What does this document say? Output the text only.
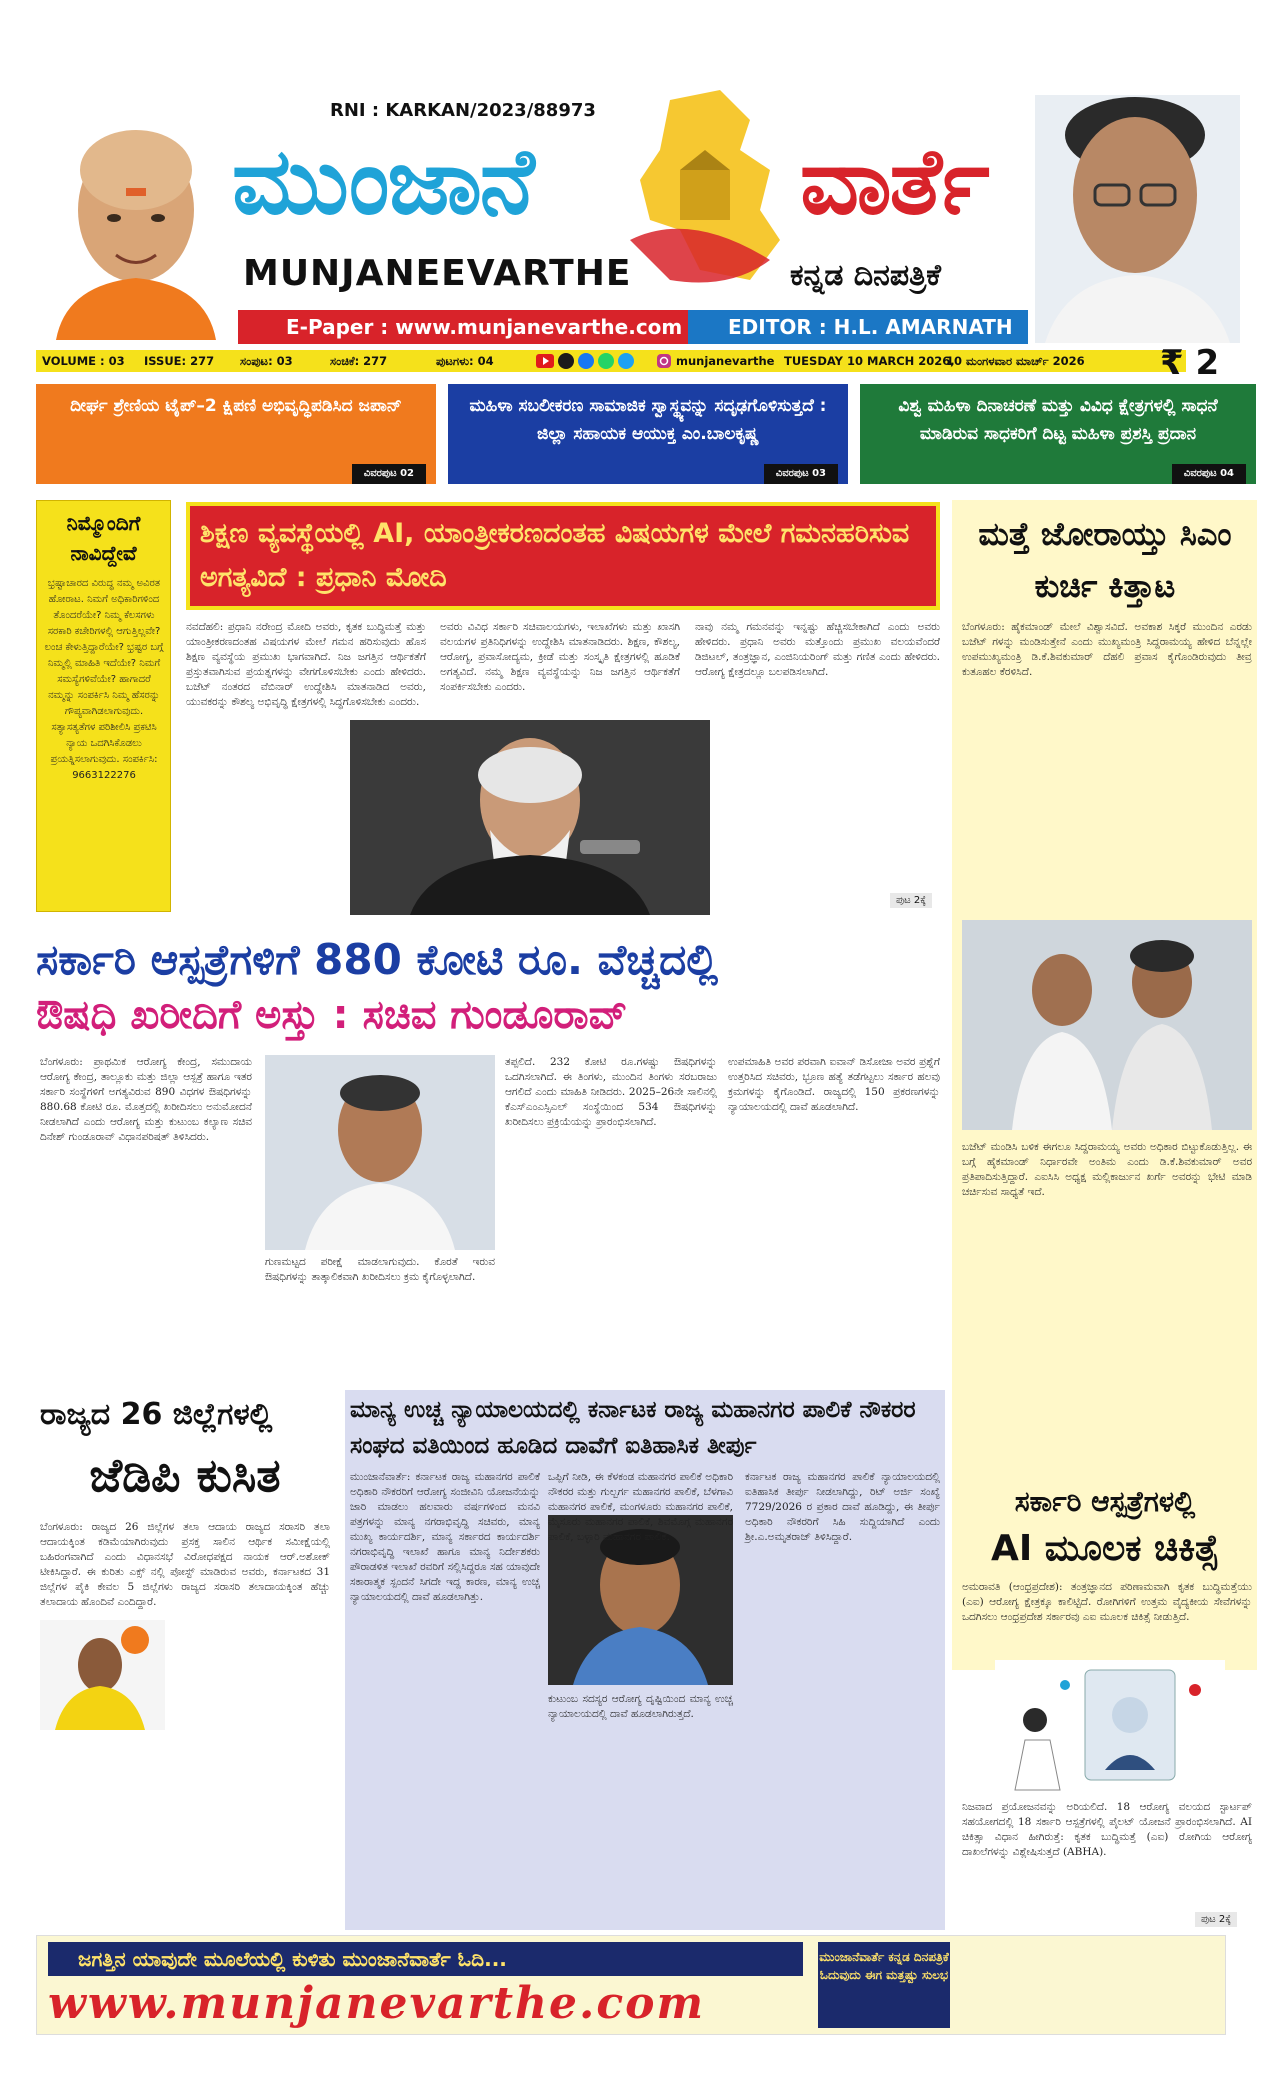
RNI : KARKAN/2023/88973
ಮುಂಜಾನೆ	ವಾರ್ತೆ
MUNJANEEVARTHE	ಕನ್ನಡ ದಿನಪತ್ರಿಕೆ
E-Paper : www.munjanevarthe.com	EDITOR : H.L. AMARNATH
VOLUME : 03 ISSUE: 277 ಸಂಪುಟ: 03	ಸಂಚಿಕೆ: 277	ಪುಟಗಳು: 04	munjanevarthe TUESDAY 10 MARCH 2026,
10 ಮಂಗಳವಾರ ಮಾರ್ಚ್ 2026 ₹ 2
ದೀರ್ಘ ಶ್ರೇಣಿಯ ಟೈಪ್–2 ಕ್ಷಿಪಣಿ ಅಭಿವೃದ್ಧಿಪಡಿಸಿದ ಜಪಾನ್
ವಿವರಪುಟ 02
ಮಹಿಳಾ ಸಬಲೀಕರಣ ಸಾಮಾಜಿಕ ಸ್ವಾಸ್ಥ್ಯವನ್ನು ಸದೃಢಗೊಳಿಸುತ್ತದೆ : ಜಿಲ್ಲಾ ಸಹಾಯಕ ಆಯುಕ್ತ ಎಂ.ಬಾಲಕೃಷ್ಣ
ವಿವರಪುಟ 03
ವಿಶ್ವ ಮಹಿಳಾ ದಿನಾಚರಣೆ ಮತ್ತು ವಿವಿಧ ಕ್ಷೇತ್ರಗಳಲ್ಲಿ ಸಾಧನೆ ಮಾಡಿರುವ ಸಾಧಕರಿಗೆ ದಿಟ್ಟ ಮಹಿಳಾ ಪ್ರಶಸ್ತಿ ಪ್ರದಾನ
ವಿವರಪುಟ 04
ನಿಮ್ಮೊಂದಿಗೆ ನಾವಿದ್ದೇವೆ
ಭ್ರಷ್ಟಾಚಾರದ ವಿರುದ್ಧ ನಮ್ಮ ಅವಿರತ ಹೋರಾಟ. ನಿಮಗೆ ಅಧಿಕಾರಿಗಳಿಂದ ತೊಂದರೆಯೇ? ನಿಮ್ಮ ಕೆಲಸಗಳು ಸರಕಾರಿ ಕಚೇರಿಗಳಲ್ಲಿ ಆಗುತ್ತಿಲ್ಲವೇ? ಲಂಚ ಕೇಳುತ್ತಿದ್ದಾರೆಯೇ? ಭ್ರಷ್ಟರ ಬಗ್ಗೆ ನಿಮ್ಮಲ್ಲಿ ಮಾಹಿತಿ ಇದೆಯೇ? ನಿಮಗೆ ಸಮಸ್ಯೆಗಳಿವೆಯೇ? ಹಾಗಾದರೆ ನಮ್ಮನ್ನು ಸಂಪರ್ಕಿಸಿ ನಿಮ್ಮ ಹೆಸರನ್ನು ಗೌಪ್ಯವಾಗಿಡಲಾಗುವುದು. ಸತ್ಯಾಸತ್ಯತೆಗಳ ಪರಿಶೀಲಿಸಿ ಪ್ರಕಟಿಸಿ ನ್ಯಾಯ ಒದಗಿಸಿಕೊಡಲು ಪ್ರಯತ್ನಿಸಲಾಗುವುದು. ಸಂಪರ್ಕಿಸಿ: 9663122276
ಶಿಕ್ಷಣ ವ್ಯವಸ್ಥೆಯಲ್ಲಿ AI, ಯಾಂತ್ರೀಕರಣದಂತಹ ವಿಷಯಗಳ ಮೇಲೆ ಗಮನಹರಿಸುವ ಅಗತ್ಯವಿದೆ : ಪ್ರಧಾನಿ ಮೋದಿ
ನವದೆಹಲಿ: ಪ್ರಧಾನಿ ನರೇಂದ್ರ ಮೋದಿ ಅವರು, ಕೃತಕ ಬುದ್ಧಿಮತ್ತೆ ಮತ್ತು ಯಾಂತ್ರೀಕರಣದಂತಹ ವಿಷಯಗಳ ಮೇಲೆ ಗಮನ ಹರಿಸುವುದು ಹೊಸ ಶಿಕ್ಷಣ ವ್ಯವಸ್ಥೆಯ ಪ್ರಮುಖ ಭಾಗವಾಗಿದೆ. ನಿಜ ಜಗತ್ತಿನ ಆರ್ಥಿಕತೆಗೆ ಪ್ರಸ್ತುತವಾಗಿಸುವ ಪ್ರಯತ್ನಗಳನ್ನು ವೇಗಗೊಳಿಸಬೇಕು ಎಂದು ಹೇಳಿದರು. ಬಜೆಟ್ ನಂತರದ ವೆಬಿನಾರ್ ಉದ್ದೇಶಿಸಿ ಮಾತನಾಡಿದ ಅವರು, ಯುವಕರನ್ನು ಕೌಶಲ್ಯ ಅಭಿವೃದ್ಧಿ ಕ್ಷೇತ್ರಗಳಲ್ಲಿ ಸಿದ್ಧಗೊಳಿಸಬೇಕು ಎಂದರು.
ಅವರು ವಿವಿಧ ಸರ್ಕಾರಿ ಸಚಿವಾಲಯಗಳು, ಇಲಾಖೆಗಳು ಮತ್ತು ಖಾಸಗಿ ವಲಯಗಳ ಪ್ರತಿನಿಧಿಗಳನ್ನು ಉದ್ದೇಶಿಸಿ ಮಾತನಾಡಿದರು. ಶಿಕ್ಷಣ, ಕೌಶಲ್ಯ, ಆರೋಗ್ಯ, ಪ್ರವಾಸೋದ್ಯಮ, ಕ್ರೀಡೆ ಮತ್ತು ಸಂಸ್ಕೃತಿ ಕ್ಷೇತ್ರಗಳಲ್ಲಿ ಹೂಡಿಕೆ ಅಗತ್ಯವಿದೆ. ನಮ್ಮ ಶಿಕ್ಷಣ ವ್ಯವಸ್ಥೆಯನ್ನು ನಿಜ ಜಗತ್ತಿನ ಆರ್ಥಿಕತೆಗೆ ಸಂಪರ್ಕಿಸಬೇಕು ಎಂದರು.
ನಾವು ನಮ್ಮ ಗಮನವನ್ನು ಇನ್ನಷ್ಟು ಹೆಚ್ಚಿಸಬೇಕಾಗಿದೆ ಎಂದು ಅವರು ಹೇಳಿದರು. ಪ್ರಧಾನಿ ಅವರು ಮತ್ತೊಂದು ಪ್ರಮುಖ ವಲಯವೆಂದರೆ ಡಿಜಿಟಲ್, ತಂತ್ರಜ್ಞಾನ, ಎಂಜಿನಿಯರಿಂಗ್ ಮತ್ತು ಗಣಿತ ಎಂದು ಹೇಳಿದರು. ಆರೋಗ್ಯ ಕ್ಷೇತ್ರದಲ್ಲೂ ಬಲಪಡಿಸಲಾಗಿದೆ.
ಪುಟ 2ಕ್ಕೆ
ಮತ್ತೆ ಜೋರಾಯ್ತು ಸಿಎಂ ಕುರ್ಚಿ ಕಿತ್ತಾಟ
ಬೆಂಗಳೂರು: ಹೈಕಮಾಂಡ್ ಮೇಲೆ ವಿಶ್ವಾಸವಿದೆ. ಅವಕಾಶ ಸಿಕ್ಕರೆ ಮುಂದಿನ ಎರಡು ಬಜೆಟ್ ಗಳನ್ನು ಮಂಡಿಸುತ್ತೇನೆ ಎಂದು ಮುಖ್ಯಮಂತ್ರಿ ಸಿದ್ದರಾಮಯ್ಯ ಹೇಳಿದ ಬೆನ್ನಲ್ಲೇ ಉಪಮುಖ್ಯಮಂತ್ರಿ ಡಿ.ಕೆ.ಶಿವಕುಮಾರ್ ದೆಹಲಿ ಪ್ರವಾಸ ಕೈಗೊಂಡಿರುವುದು ತೀವ್ರ ಕುತೂಹಲ ಕೆರಳಿಸಿದೆ.
ಬಜೆಟ್ ಮಂಡಿಸಿ ಬಳಿಕ ಈಗಲೂ ಸಿದ್ದರಾಮಯ್ಯ ಅವರು ಅಧಿಕಾರ ಬಿಟ್ಟುಕೊಡುತ್ತಿಲ್ಲ. ಈ ಬಗ್ಗೆ ಹೈಕಮಾಂಡ್ ನಿರ್ಧಾರವೇ ಅಂತಿಮ ಎಂದು ಡಿ.ಕೆ.ಶಿವಕುಮಾರ್ ಅವರ ಪ್ರತಿಪಾದಿಸುತ್ತಿದ್ದಾರೆ. ಎಐಸಿಸಿ ಅಧ್ಯಕ್ಷ ಮಲ್ಲಿಕಾರ್ಜುನ ಖರ್ಗೆ ಅವರನ್ನು ಭೇಟಿ ಮಾಡಿ ಚರ್ಚಿಸುವ ಸಾಧ್ಯತೆ ಇದೆ.
ಸರ್ಕಾರಿ ಆಸ್ಪತ್ರೆಗಳಿಗೆ 880 ಕೋಟಿ ರೂ. ವೆಚ್ಚದಲ್ಲಿ
ಔಷಧಿ ಖರೀದಿಗೆ ಅಸ್ತು : ಸಚಿವ ಗುಂಡೂರಾವ್
ಬೆಂಗಳೂರು: ಪ್ರಾಥಮಿಕ ಆರೋಗ್ಯ ಕೇಂದ್ರ, ಸಮುದಾಯ ಆರೋಗ್ಯ ಕೇಂದ್ರ, ತಾಲ್ಲೂಕು ಮತ್ತು ಜಿಲ್ಲಾ ಆಸ್ಪತ್ರೆ ಹಾಗೂ ಇತರ ಸರ್ಕಾರಿ ಸಂಸ್ಥೆಗಳಿಗೆ ಅಗತ್ಯವಿರುವ 890 ವಿಧಗಳ ಔಷಧಿಗಳನ್ನು 880.68 ಕೋಟಿ ರೂ. ಮೊತ್ತದಲ್ಲಿ ಖರೀದಿಸಲು ಅನುಮೋದನೆ ನೀಡಲಾಗಿದೆ ಎಂದು ಆರೋಗ್ಯ ಮತ್ತು ಕುಟುಂಬ ಕಲ್ಯಾಣ ಸಚಿವ ದಿನೇಶ್ ಗುಂಡೂರಾವ್ ವಿಧಾನಪರಿಷತ್ ತಿಳಿಸಿದರು.
ಗುಣಮಟ್ಟದ ಪರೀಕ್ಷೆ ಮಾಡಲಾಗುವುದು. ಕೊರತೆ ಇರುವ ಔಷಧಿಗಳನ್ನು ತಾತ್ಕಾಲಿಕವಾಗಿ ಖರೀದಿಸಲು ಕ್ರಮ ಕೈಗೊಳ್ಳಲಾಗಿದೆ.
ತಪ್ಪಲಿದೆ. 232 ಕೋಟಿ ರೂ.ಗಳಷ್ಟು ಔಷಧಿಗಳನ್ನು ಒದಗಿಸಲಾಗಿದೆ. ಈ ತಿಂಗಳು, ಮುಂದಿನ ತಿಂಗಳು ಸರಬರಾಜು ಆಗಲಿದೆ ಎಂದು ಮಾಹಿತಿ ನೀಡಿದರು. 2025–26ನೇ ಸಾಲಿನಲ್ಲಿ ಕೆಎಸ್ಎಂಎಸ್ಸಿಎಲ್ ಸಂಸ್ಥೆಯಿಂದ 534 ಔಷಧಿಗಳನ್ನು ಖರೀದಿಸಲು ಪ್ರಕ್ರಿಯೆಯನ್ನು ಪ್ರಾರಂಭಿಸಲಾಗಿದೆ.
ಉಪಮಾಹಿತಿ ಅವರ ಪರವಾಗಿ ಐವಾನ್ ಡಿಸೋಜಾ ಅವರ ಪ್ರಶ್ನೆಗೆ ಉತ್ತರಿಸಿದ ಸಚಿವರು, ಭ್ರೂಣ ಹತ್ಯೆ ತಡೆಗಟ್ಟಲು ಸರ್ಕಾರ ಹಲವು ಕ್ರಮಗಳನ್ನು ಕೈಗೊಂಡಿದೆ. ರಾಜ್ಯದಲ್ಲಿ 150 ಪ್ರಕರಣಗಳನ್ನು ನ್ಯಾಯಾಲಯದಲ್ಲಿ ದಾವೆ ಹೂಡಲಾಗಿದೆ.
ರಾಜ್ಯದ 26 ಜಿಲ್ಲೆಗಳಲ್ಲಿ
ಜೆಡಿಪಿ ಕುಸಿತ
ಬೆಂಗಳೂರು: ರಾಜ್ಯದ 26 ಜಿಲ್ಲೆಗಳ ತಲಾ ಆದಾಯ ರಾಜ್ಯದ ಸರಾಸರಿ ತಲಾ ಆದಾಯಕ್ಕಿಂತ ಕಡಿಮೆಯಾಗಿರುವುದು ಪ್ರಸಕ್ತ ಸಾಲಿನ ಆರ್ಥಿಕ ಸಮೀಕ್ಷೆಯಲ್ಲಿ ಬಹಿರಂಗವಾಗಿದೆ ಎಂದು ವಿಧಾನಸಭೆ ವಿರೋಧಪಕ್ಷದ ನಾಯಕ ಆರ್.ಅಶೋಕ್ ಟೀಕಿಸಿದ್ದಾರೆ. ಈ ಕುರಿತು ಎಕ್ಸ್ ನಲ್ಲಿ ಪೋಸ್ಟ್ ಮಾಡಿರುವ ಅವರು, ಕರ್ನಾಟಕದ 31 ಜಿಲ್ಲೆಗಳ ಪೈಕಿ ಕೇವಲ 5 ಜಿಲ್ಲೆಗಳು ರಾಜ್ಯದ ಸರಾಸರಿ ತಲಾದಾಯಕ್ಕಿಂತ ಹೆಚ್ಚು ತಲಾದಾಯ ಹೊಂದಿವೆ ಎಂದಿದ್ದಾರೆ.
ಮಾನ್ಯ ಉಚ್ಚ ನ್ಯಾಯಾಲಯದಲ್ಲಿ ಕರ್ನಾಟಕ ರಾಜ್ಯ ಮಹಾನಗರ ಪಾಲಿಕೆ ನೌಕರರ ಸಂಘದ ವತಿಯಿಂದ ಹೂಡಿದ ದಾವೆಗೆ ಐತಿಹಾಸಿಕ ತೀರ್ಪು
ಮುಂಜಾನೆವಾರ್ತೆ: ಕರ್ನಾಟಕ ರಾಜ್ಯ ಮಹಾನಗರ ಪಾಲಿಕೆ ಅಧಿಕಾರಿ ನೌಕರರಿಗೆ ಆರೋಗ್ಯ ಸಂಜೀವಿನಿ ಯೋಜನೆಯನ್ನು ಜಾರಿ ಮಾಡಲು ಹಲವಾರು ವರ್ಷಗಳಿಂದ ಮನವಿ ಪತ್ರಗಳನ್ನು ಮಾನ್ಯ ನಗರಾಭಿವೃದ್ಧಿ ಸಚಿವರು, ಮಾನ್ಯ ಮುಖ್ಯ ಕಾರ್ಯದರ್ಶಿ, ಮಾನ್ಯ ಸರ್ಕಾರದ ಕಾರ್ಯದರ್ಶಿ ನಗರಾಭಿವೃದ್ಧಿ ಇಲಾಖೆ ಹಾಗೂ ಮಾನ್ಯ ನಿರ್ದೇಶಕರು ಪೌರಾಡಳಿತ ಇಲಾಖೆ ರವರಿಗೆ ಸಲ್ಲಿಸಿದ್ದರೂ ಸಹ ಯಾವುದೇ ಸಕಾರಾತ್ಮಕ ಸ್ಪಂದನೆ ಸಿಗದೇ ಇದ್ದ ಕಾರಣ, ಮಾನ್ಯ ಉಚ್ಚ ನ್ಯಾಯಾಲಯದಲ್ಲಿ ದಾವೆ ಹೂಡಲಾಗಿತ್ತು.
ಕುಟುಂಬ ಸದಸ್ಯರ ಆರೋಗ್ಯ ದೃಷ್ಟಿಯಿಂದ ಮಾನ್ಯ ಉಚ್ಚ ನ್ಯಾಯಾಲಯದಲ್ಲಿ ದಾವೆ ಹೂಡಲಾಗಿರುತ್ತದೆ.
ಒಪ್ಪಿಗೆ ನೀಡಿ, ಈ ಕೆಳಕಂಡ ಮಹಾನಗರ ಪಾಲಿಕೆ ಅಧಿಕಾರಿ ನೌಕರರ ಮತ್ತು ಗುಲ್ಬರ್ಗ ಮಹಾನಗರ ಪಾಲಿಕೆ, ಬೆಳಗಾವಿ ಮಹಾನಗರ ಪಾಲಿಕೆ, ಮಂಗಳೂರು ಮಹಾನಗರ ಪಾಲಿಕೆ, ಮೈಸೂರು ಮಹಾನಗರ ಪಾಲಿಕೆ, ಶಿವಮೊಗ್ಗ ಮಹಾನಗರ ಪಾಲಿಕೆ, ಬಳ್ಳಾರಿ ಮಹಾನಗರ ಪಾಲಿಕೆ.
ಕರ್ನಾಟಕ ರಾಜ್ಯ ಮಹಾನಗರ ಪಾಲಿಕೆ ನ್ಯಾಯಾಲಯದಲ್ಲಿ ಐತಿಹಾಸಿಕ ತೀರ್ಪು ನೀಡಲಾಗಿದ್ದು, ರಿಟ್ ಅರ್ಜಿ ಸಂಖ್ಯೆ 7729/2026 ರ ಪ್ರಕಾರ ದಾವೆ ಹೂಡಿದ್ದು, ಈ ತೀರ್ಪು ಅಧಿಕಾರಿ ನೌಕರರಿಗೆ ಸಿಹಿ ಸುದ್ದಿಯಾಗಿದೆ ಎಂದು ಶ್ರೀ.ಎ.ಅಮೃತರಾಜ್ ತಿಳಿಸಿದ್ದಾರೆ.
ಸರ್ಕಾರಿ ಆಸ್ಪತ್ರೆಗಳಲ್ಲಿ
AI ಮೂಲಕ ಚಿಕಿತ್ಸೆ
ಅಮರಾವತಿ (ಆಂಧ್ರಪ್ರದೇಶ): ತಂತ್ರಜ್ಞಾನದ ಪರಿಣಾಮವಾಗಿ ಕೃತಕ ಬುದ್ಧಿಮತ್ತೆಯು (ಎಐ) ಆರೋಗ್ಯ ಕ್ಷೇತ್ರಕ್ಕೂ ಕಾಲಿಟ್ಟಿದೆ. ರೋಗಿಗಳಿಗೆ ಉತ್ತಮ ವೈದ್ಯಕೀಯ ಸೇವೆಗಳನ್ನು ಒದಗಿಸಲು ಆಂಧ್ರಪ್ರದೇಶ ಸರ್ಕಾರವು ಎಐ ಮೂಲಕ ಚಿಕಿತ್ಸೆ ನೀಡುತ್ತಿದೆ.
ನಿಜವಾದ ಪ್ರಯೋಜನವನ್ನು ಅರಿಯಲಿದೆ. 18 ಆರೋಗ್ಯ ವಲಯದ ಸ್ಟಾರ್ಟಪ್ ಸಹಯೋಗದಲ್ಲಿ 18 ಸರ್ಕಾರಿ ಆಸ್ಪತ್ರೆಗಳಲ್ಲಿ ಪೈಲಟ್ ಯೋಜನೆ ಪ್ರಾರಂಭಿಸಲಾಗಿದೆ. AI ಚಿಕಿತ್ಸಾ ವಿಧಾನ ಹೀಗಿರುತ್ತೆ: ಕೃತಕ ಬುದ್ಧಿಮತ್ತೆ (ಎಐ) ರೋಗಿಯ ಆರೋಗ್ಯ ದಾಖಲೆಗಳನ್ನು ವಿಶ್ಲೇಷಿಸುತ್ತದೆ (ABHA).
ಪುಟ 2ಕ್ಕೆ
ಜಗತ್ತಿನ ಯಾವುದೇ ಮೂಲೆಯಲ್ಲಿ ಕುಳಿತು ಮುಂಜಾನೆವಾರ್ತೆ ಓದಿ...
www.munjanevarthe.com
ಮುಂಜಾನೆವಾರ್ತೆ ಕನ್ನಡ ದಿನಪತ್ರಿಕೆ ಓದುವುದು ಈಗ ಮತ್ತಷ್ಟು ಸುಲಭ
